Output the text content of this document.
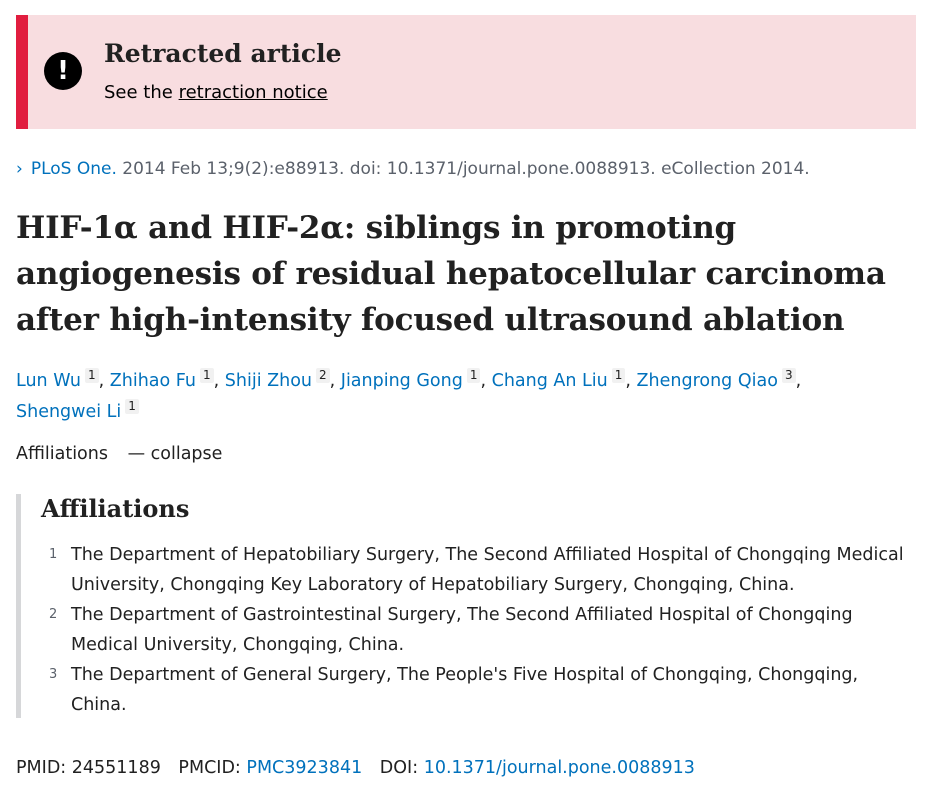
!
Retracted article
See the retraction notice
› PLoS One. 2014 Feb 13;9(2):e88913. doi: 10.1371/journal.pone.0088913. eCollection 2014.
HIF-1α and HIF-2α: siblings in promoting angiogenesis of residual hepatocellular carcinoma after high-intensity focused ultrasound ablation
Lun Wu 1 , Zhihao Fu 1 , Shiji Zhou 2 , Jianping Gong 1 , Chang An Liu 1 , Zhengrong Qiao 3 ,
Shengwei Li 1
Affiliations — collapse
Affiliations
1 The Department of Hepatobiliary Surgery, The Second Affiliated Hospital of Chongqing Medical University, Chongqing Key Laboratory of Hepatobiliary Surgery, Chongqing, China.
2 The Department of Gastrointestinal Surgery, The Second Affiliated Hospital of Chongqing Medical University, Chongqing, China.
3 The Department of General Surgery, The People's Five Hospital of Chongqing, Chongqing, China.
PMID: 24551189 PMCID: PMC3923841 DOI: 10.1371/journal.pone.0088913
